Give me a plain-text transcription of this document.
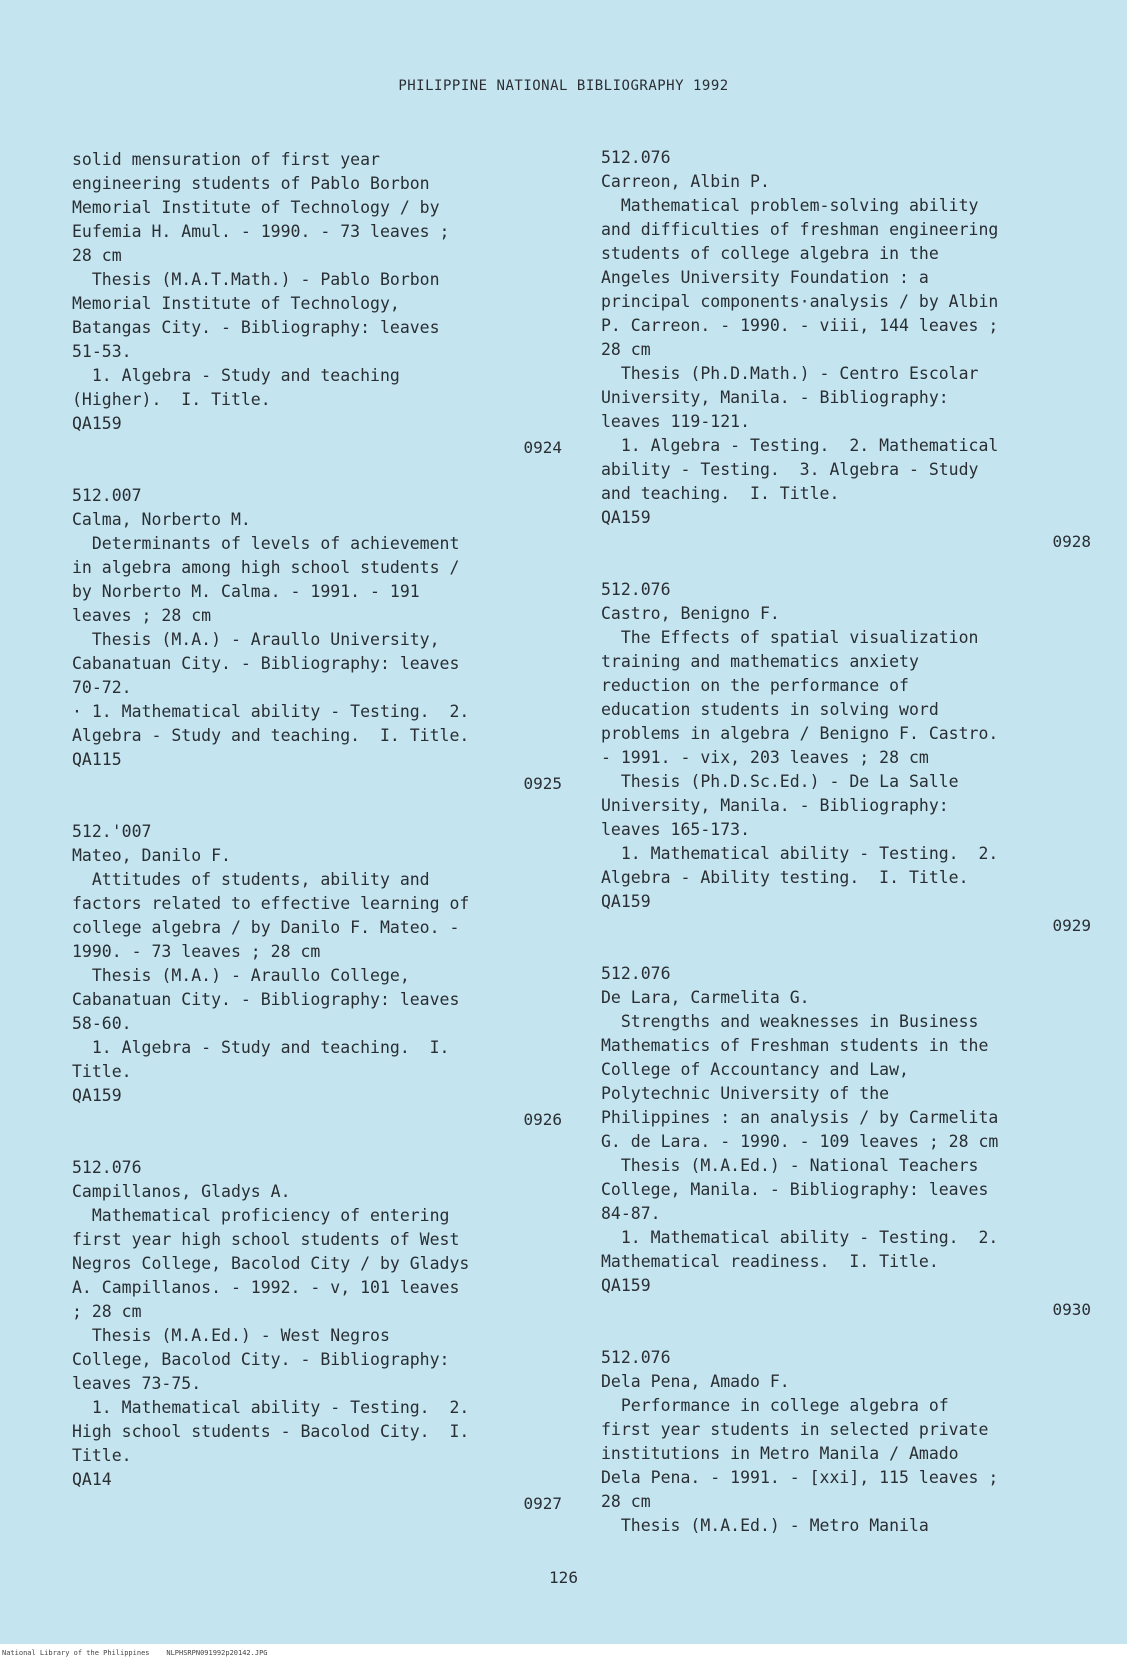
PHILIPPINE NATIONAL BIBLIOGRAPHY 1992
solid mensuration of first year
engineering students of Pablo Borbon
Memorial Institute of Technology / by
Eufemia H. Amul. - 1990. - 73 leaves ;
28 cm
Thesis (M.A.T.Math.) - Pablo Borbon
Memorial Institute of Technology,
Batangas City. - Bibliography: leaves
51-53.
1. Algebra - Study and teaching
(Higher).  I. Title.
QA159
0924
512.007
Calma, Norberto M.
Determinants of levels of achievement
in algebra among high school students /
by Norberto M. Calma. - 1991. - 191
leaves ; 28 cm
Thesis (M.A.) - Araullo University,
Cabanatuan City. - Bibliography: leaves
70-72.
· 1. Mathematical ability - Testing.  2.
Algebra - Study and teaching.  I. Title.
QA115
0925
512.'007
Mateo, Danilo F.
Attitudes of students, ability and
factors related to effective learning of
college algebra / by Danilo F. Mateo. -
1990. - 73 leaves ; 28 cm
Thesis (M.A.) - Araullo College,
Cabanatuan City. - Bibliography: leaves
58-60.
1. Algebra - Study and teaching.  I.
Title.
QA159
0926
512.076
Campillanos, Gladys A.
Mathematical proficiency of entering
first year high school students of West
Negros College, Bacolod City / by Gladys
A. Campillanos. - 1992. - v, 101 leaves
; 28 cm
Thesis (M.A.Ed.) - West Negros
College, Bacolod City. - Bibliography:
leaves 73-75.
1. Mathematical ability - Testing.  2.
High school students - Bacolod City.  I.
Title.
QA14
0927
512.076
Carreon, Albin P.
Mathematical problem-solving ability
and difficulties of freshman engineering
students of college algebra in the
Angeles University Foundation : a
principal components·analysis / by Albin
P. Carreon. - 1990. - viii, 144 leaves ;
28 cm
Thesis (Ph.D.Math.) - Centro Escolar
University, Manila. - Bibliography:
leaves 119-121.
1. Algebra - Testing.  2. Mathematical
ability - Testing.  3. Algebra - Study
and teaching.  I. Title.
QA159
0928
512.076
Castro, Benigno F.
The Effects of spatial visualization
training and mathematics anxiety
reduction on the performance of
education students in solving word
problems in algebra / Benigno F. Castro.
- 1991. - vix, 203 leaves ; 28 cm
Thesis (Ph.D.Sc.Ed.) - De La Salle
University, Manila. - Bibliography:
leaves 165-173.
1. Mathematical ability - Testing.  2.
Algebra - Ability testing.  I. Title.
QA159
0929
512.076
De Lara, Carmelita G.
Strengths and weaknesses in Business
Mathematics of Freshman students in the
College of Accountancy and Law,
Polytechnic University of the
Philippines : an analysis / by Carmelita
G. de Lara. - 1990. - 109 leaves ; 28 cm
Thesis (M.A.Ed.) - National Teachers
College, Manila. - Bibliography: leaves
84-87.
1. Mathematical ability - Testing.  2.
Mathematical readiness.  I. Title.
QA159
0930
512.076
Dela Pena, Amado F.
Performance in college algebra of
first year students in selected private
institutions in Metro Manila / Amado
Dela Pena. - 1991. - [xxi], 115 leaves ;
28 cm
Thesis (M.A.Ed.) - Metro Manila
126
National Library of the Philippines    NLPHSRPN091992p20142.JPG
